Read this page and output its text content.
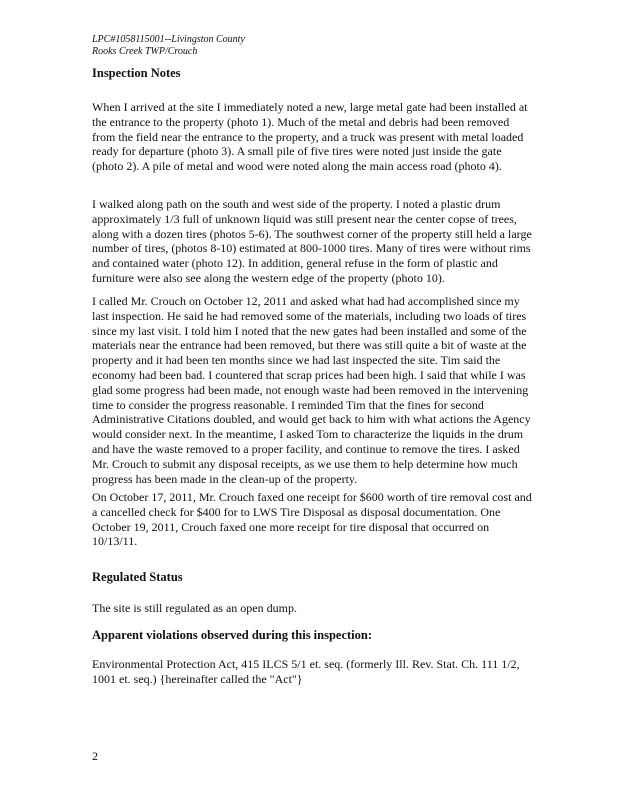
LPC#1058115001--Livingston County
Rooks Creek TWP/Crouch
Inspection Notes

When I arrived at the site I immediately noted a new, large metal gate had been installed at the entrance to the property (photo 1). Much of the metal and debris had been removed from the field near the entrance to the property, and a truck was present with metal loaded ready for departure (photo 3). A small pile of five tires were noted just inside the gate (photo 2). A pile of metal and wood were noted along the main access road (photo 4).

I walked along path on the south and west side of the property. I noted a plastic drum approximately 1/3 full of unknown liquid was still present near the center copse of trees, along with a dozen tires (photos 5-6). The southwest corner of the property still held a large number of tires, (photos 8-10) estimated at 800-1000 tires. Many of tires were without rims and contained water (photo 12). In addition, general refuse in the form of plastic and furniture were also see along the western edge of the property (photo 10).

I called Mr. Crouch on October 12, 2011 and asked what had had accomplished since my last inspection. He said he had removed some of the materials, including two loads of tires since my last visit. I told him I noted that the new gates had been installed and some of the materials near the entrance had been removed, but there was still quite a bit of waste at the property and it had been ten months since we had last inspected the site. Tim said the economy had been bad. I countered that scrap prices had been high. I said that while I was glad some progress had been made, not enough waste had been removed in the intervening time to consider the progress reasonable. I reminded Tim that the fines for second Administrative Citations doubled, and would get back to him with what actions the Agency would consider next. In the meantime, I asked Tom to characterize the liquids in the drum and have the waste removed to a proper facility, and continue to remove the tires. I asked Mr. Crouch to submit any disposal receipts, as we use them to help determine how much progress has been made in the clean-up of the property.

On October 17, 2011, Mr. Crouch faxed one receipt for $600 worth of tire removal cost and a cancelled check for $400 for to LWS Tire Disposal as disposal documentation. One October 19, 2011, Crouch faxed one more receipt for tire disposal that occurred on 10/13/11.

Regulated Status

The site is still regulated as an open dump.

Apparent violations observed during this inspection:

Environmental Protection Act, 415 ILCS 5/1 et. seq. (formerly Ill. Rev. Stat. Ch. 111 1/2, 1001 et. seq.) {hereinafter called the "Act"}

2
